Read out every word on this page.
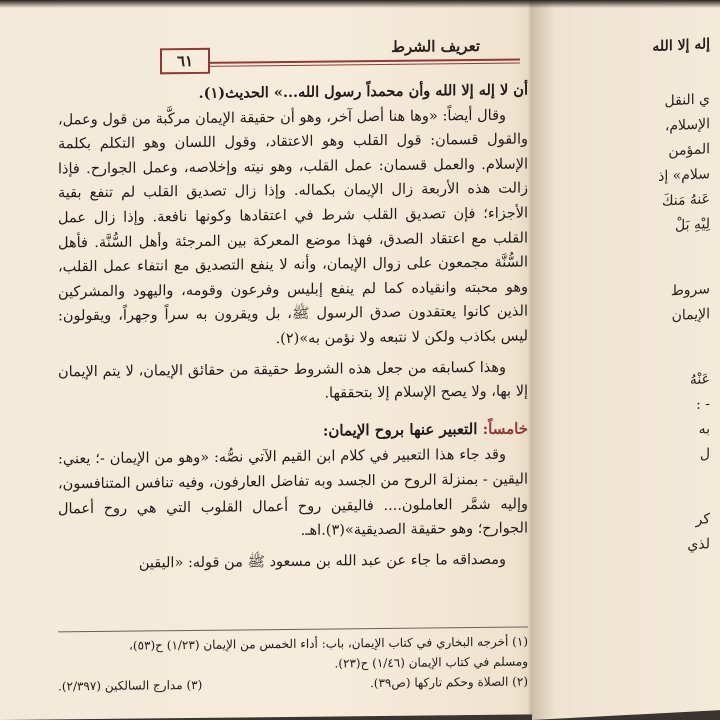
تعريف الشرط
٦١

أن لا إله إلا الله وأن محمداً رسول الله...» الحديث(١).

وقال أيضاً: «وها هنا أصل آخر، وهو أن حقيقة الإيمان مركَّبة من قول وعمل، والقول قسمان: قول القلب وهو الاعتقاد، وقول اللسان وهو التكلم بكلمة الإسلام. والعمل قسمان: عمل القلب، وهو نيته وإخلاصه، وعمل الجوارح. فإذا زالت هذه الأربعة زال الإيمان بكماله. وإذا زال تصديق القلب لم تنفع بقية الأجزاء؛ فإن تصديق القلب شرط في اعتقادها وكونها نافعة. وإذا زال عمل القلب مع اعتقاد الصدق، فهذا موضع المعركة بين المرجئة وأهل السُّنَّة. فأهل السُّنَّة مجمعون على زوال الإيمان، وأنه لا ينفع التصديق مع انتفاء عمل القلب، وهو محبته وانقياده كما لم ينفع إبليس وفرعون وقومه، واليهود والمشركين الذين كانوا يعتقدون صدق الرسول ﷺ، بل ويقرون به سراً وجهراً، ويقولون: ليس بكاذب ولكن لا نتبعه ولا نؤمن به»(٢).

وهذا كسابقه من جعل هذه الشروط حقيقة من حقائق الإيمان، لا يتم الإيمان إلا بها، ولا يصح الإسلام إلا بتحققها.

خامساً: التعبير عنها بروح الإيمان:

وقد جاء هذا التعبير في كلام ابن القيم الآتي نصُّه: «وهو من الإيمان -؛ يعني: اليقين - بمنزلة الروح من الجسد وبه تفاضل العارفون، وفيه تنافس المتنافسون، وإليه شمَّر العاملون.... فاليقين روح أعمال القلوب التي هي روح أعمال الجوارح؛ وهو حقيقة الصديقية»(٣).اهـ.

ومصداقه ما جاء عن عبد الله بن مسعود ﷺ من قوله: «اليقين

(١) أخرجه البخاري في كتاب الإيمان، باب: أداء الخمس من الإيمان (١/٢٣) ح(٥٣)،

ومسلم في كتاب الإيمان (١/٤٦) ح(٢٣).

(٢) الصلاة وحكم تاركها (ص٣٩).
(٣) مدارج السالكين (٢/٣٩٧).
إله إلا الله
ي النقل
الإسلام،
المؤمن
سلام» إذ
عَنهُ مَنكَ
لِيْهِ بَلْ
سروط
الإيمان
عَنْهُ
- :
به
ل
كر
لذي
